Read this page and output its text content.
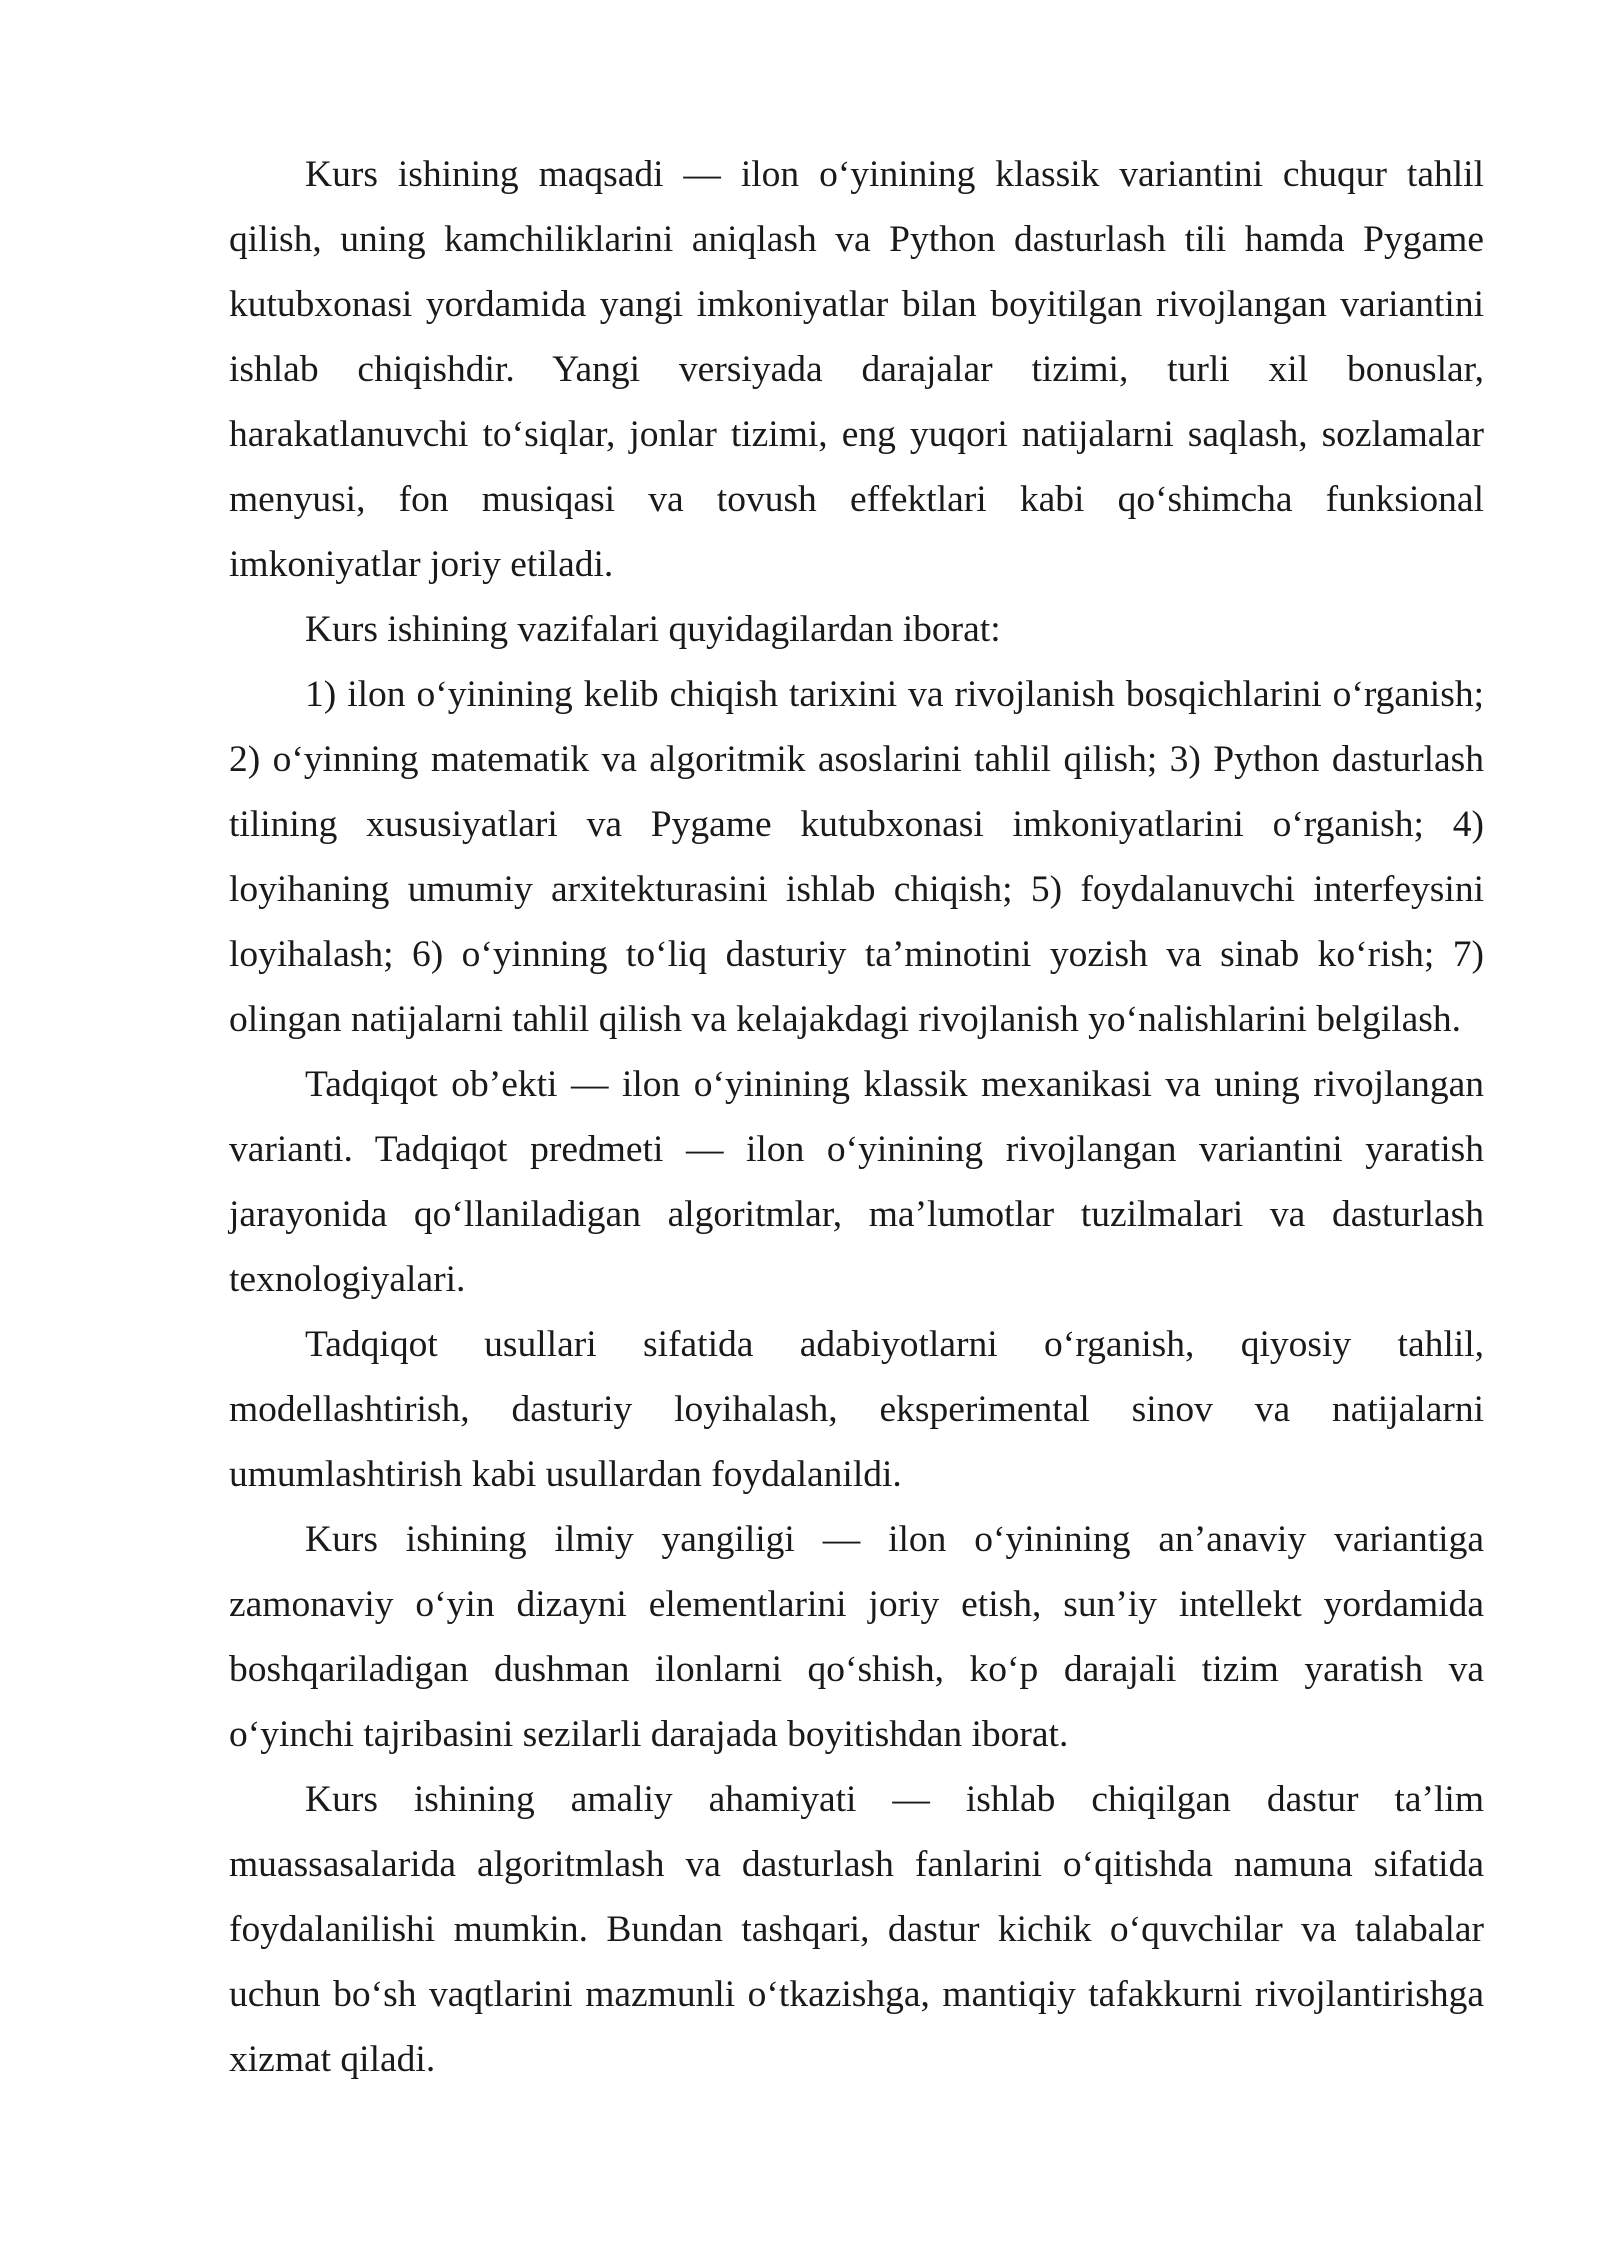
Kurs ishining maqsadi — ilon o‘yinining klassik variantini chuqur tahlil qilish, uning kamchiliklarini aniqlash va Python dasturlash tili hamda Pygame kutubxonasi yordamida yangi imkoniyatlar bilan boyitilgan rivojlangan variantini ishlab chiqishdir. Yangi versiyada darajalar tizimi, turli xil bonuslar, harakatlanuvchi to‘siqlar, jonlar tizimi, eng yuqori natijalarni saqlash, sozlamalar menyusi, fon musiqasi va tovush effektlari kabi qo‘shimcha funksional imkoniyatlar joriy etiladi.

Kurs ishining vazifalari quyidagilardan iborat:

1) ilon o‘yinining kelib chiqish tarixini va rivojlanish bosqichlarini o‘rganish; 2) o‘yinning matematik va algoritmik asoslarini tahlil qilish; 3) Python dasturlash tilining xususiyatlari va Pygame kutubxonasi imkoniyatlarini o‘rganish; 4) loyihaning umumiy arxitekturasini ishlab chiqish; 5) foydalanuvchi interfeysini loyihalash; 6) o‘yinning to‘liq dasturiy ta’minotini yozish va sinab ko‘rish; 7) olingan natijalarni tahlil qilish va kelajakdagi rivojlanish yo‘nalishlarini belgilash.

Tadqiqot ob’ekti — ilon o‘yinining klassik mexanikasi va uning rivojlangan varianti. Tadqiqot predmeti — ilon o‘yinining rivojlangan variantini yaratish jarayonida qo‘llaniladigan algoritmlar, ma’lumotlar tuzilmalari va dasturlash texnologiyalari.

Tadqiqot usullari sifatida adabiyotlarni o‘rganish, qiyosiy tahlil, modellashtirish, dasturiy loyihalash, eksperimental sinov va natijalarni umumlashtirish kabi usullardan foydalanildi.

Kurs ishining ilmiy yangiligi — ilon o‘yinining an’anaviy variantiga zamonaviy o‘yin dizayni elementlarini joriy etish, sun’iy intellekt yordamida boshqariladigan dushman ilonlarni qo‘shish, ko‘p darajali tizim yaratish va o‘yinchi tajribasini sezilarli darajada boyitishdan iborat.

Kurs ishining amaliy ahamiyati — ishlab chiqilgan dastur ta’lim muassasalarida algoritmlash va dasturlash fanlarini o‘qitishda namuna sifatida foydalanilishi mumkin. Bundan tashqari, dastur kichik o‘quvchilar va talabalar uchun bo‘sh vaqtlarini mazmunli o‘tkazishga, mantiqiy tafakkurni rivojlantirishga xizmat qiladi.
